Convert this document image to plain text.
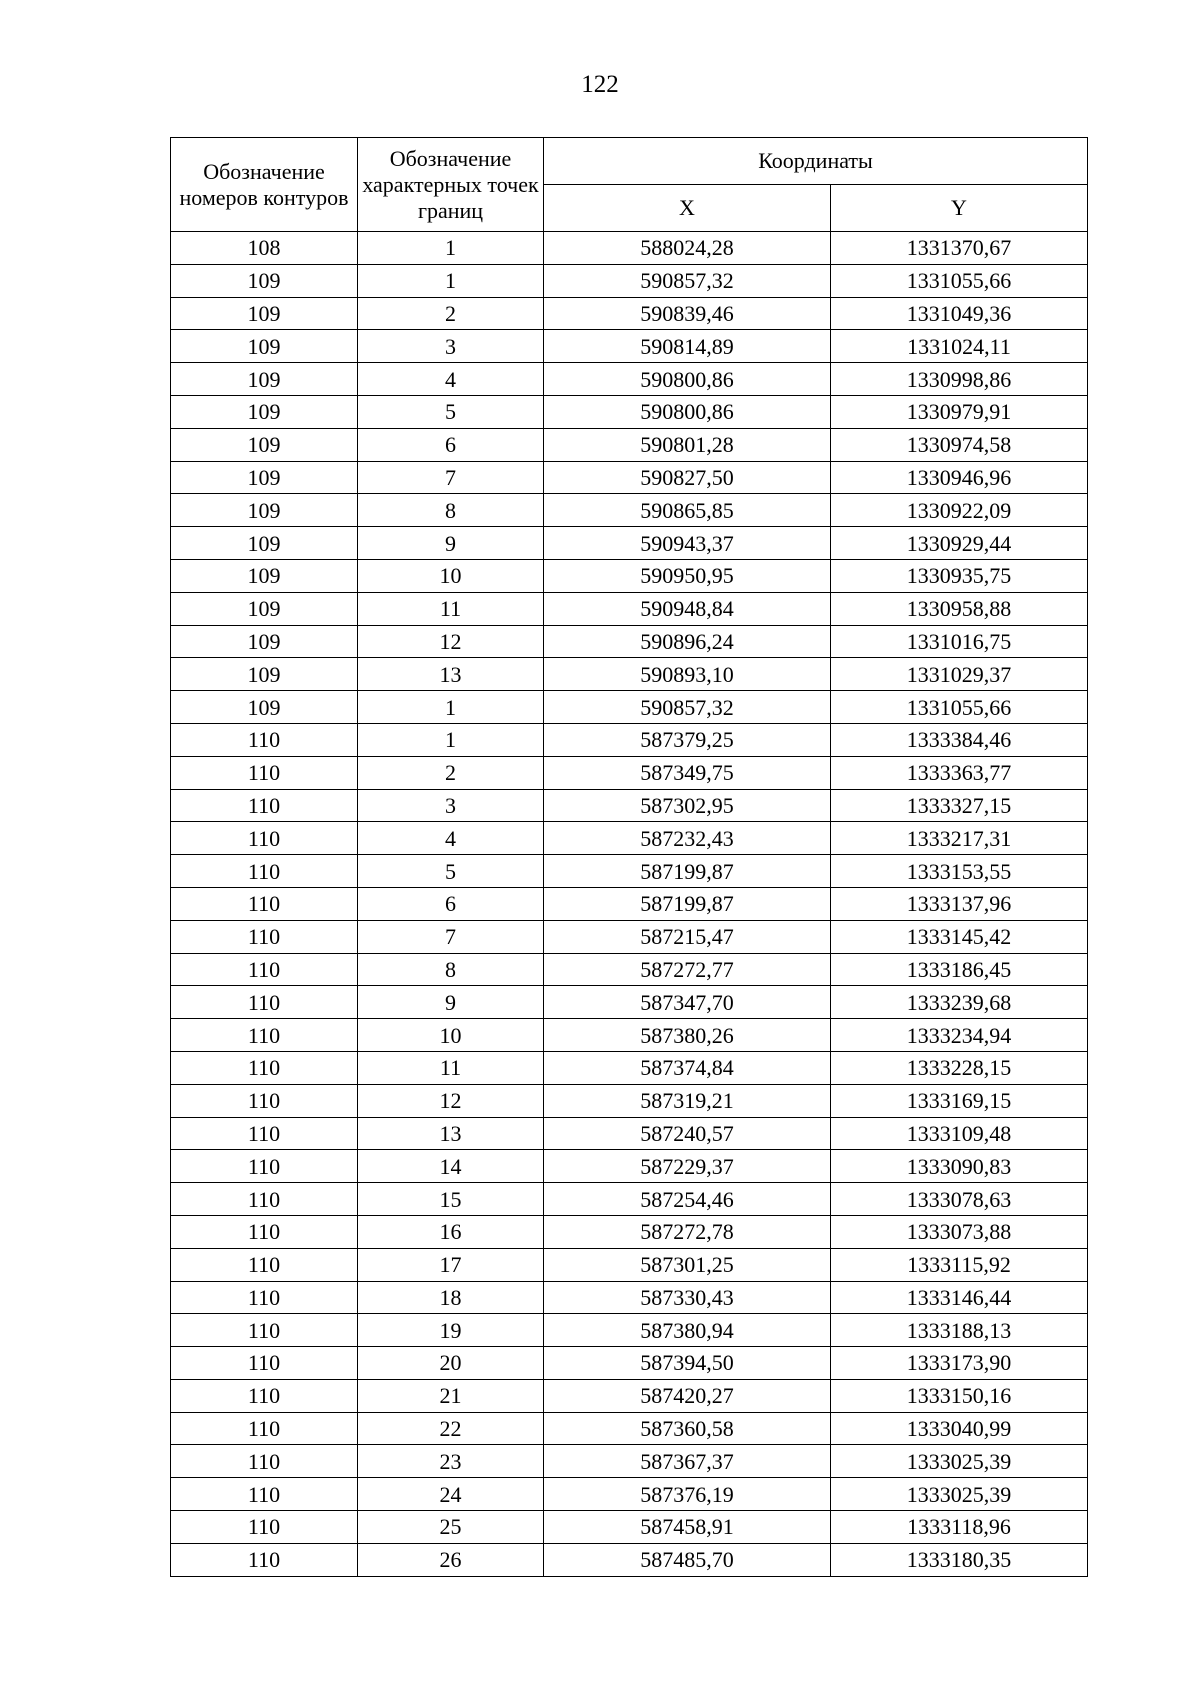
122
Обозначение номеров контуров	Обозначение характерных точек границ	Координаты	
		X	Y
108	1	588024,28	1331370,67
109	1	590857,32	1331055,66
109	2	590839,46	1331049,36
109	3	590814,89	1331024,11
109	4	590800,86	1330998,86
109	5	590800,86	1330979,91
109	6	590801,28	1330974,58
109	7	590827,50	1330946,96
109	8	590865,85	1330922,09
109	9	590943,37	1330929,44
109	10	590950,95	1330935,75
109	11	590948,84	1330958,88
109	12	590896,24	1331016,75
109	13	590893,10	1331029,37
109	1	590857,32	1331055,66
110	1	587379,25	1333384,46
110	2	587349,75	1333363,77
110	3	587302,95	1333327,15
110	4	587232,43	1333217,31
110	5	587199,87	1333153,55
110	6	587199,87	1333137,96
110	7	587215,47	1333145,42
110	8	587272,77	1333186,45
110	9	587347,70	1333239,68
110	10	587380,26	1333234,94
110	11	587374,84	1333228,15
110	12	587319,21	1333169,15
110	13	587240,57	1333109,48
110	14	587229,37	1333090,83
110	15	587254,46	1333078,63
110	16	587272,78	1333073,88
110	17	587301,25	1333115,92
110	18	587330,43	1333146,44
110	19	587380,94	1333188,13
110	20	587394,50	1333173,90
110	21	587420,27	1333150,16
110	22	587360,58	1333040,99
110	23	587367,37	1333025,39
110	24	587376,19	1333025,39
110	25	587458,91	1333118,96
110	26	587485,70	1333180,35
